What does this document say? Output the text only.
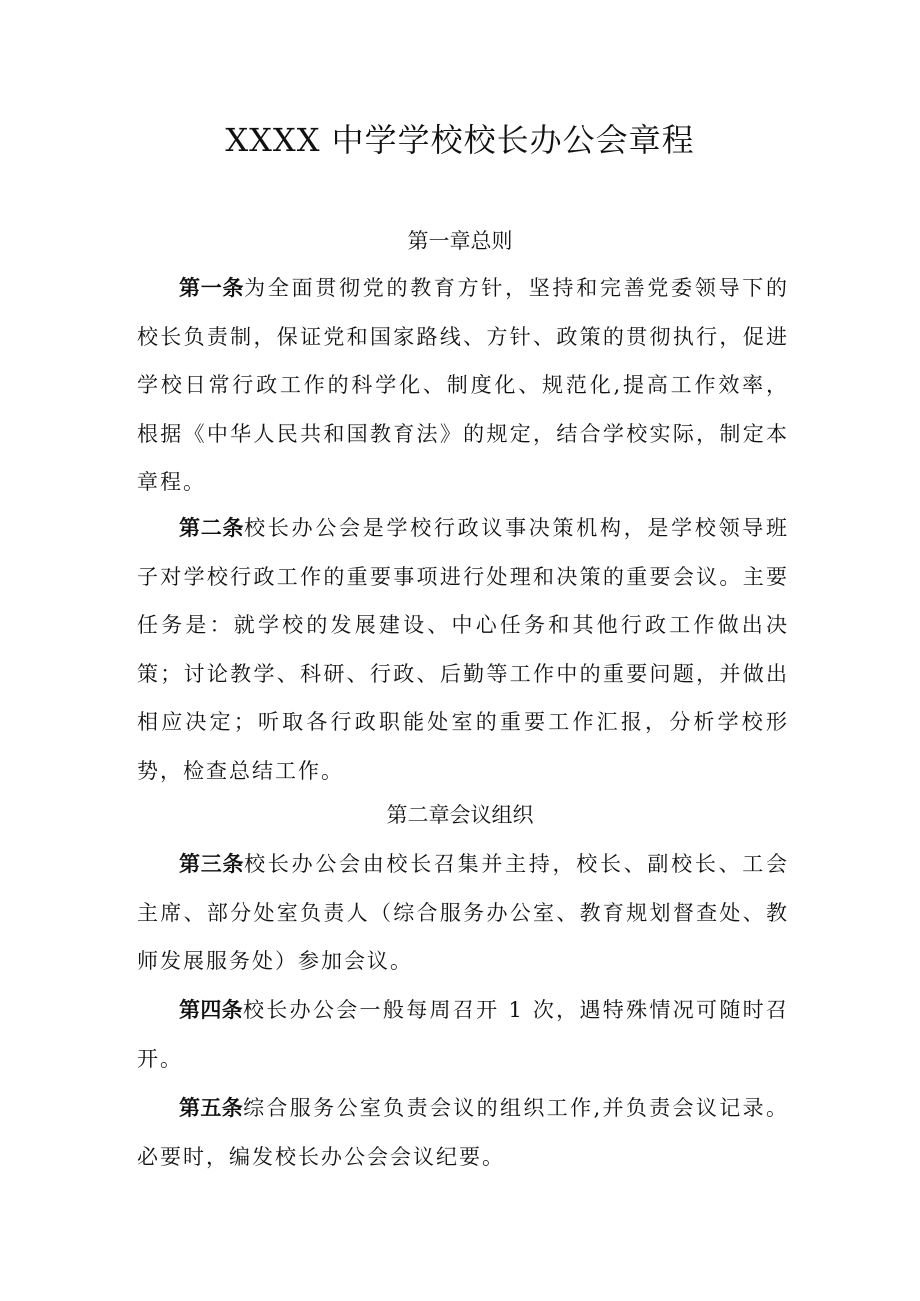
XXXX 中学学校校长办公会章程
第一章总则

第一条为全面贯彻党的教育方针，坚持和完善党委领导下的校长负责制，保证党和国家路线、方针、政策的贯彻执行，促进学校日常行政工作的科学化、制度化、规范化,提高工作效率，根据《中华人民共和国教育法》的规定，结合学校实际，制定本章程。

第二条校长办公会是学校行政议事决策机构，是学校领导班子对学校行政工作的重要事项进行处理和决策的重要会议。主要任务是：就学校的发展建设、中心任务和其他行政工作做出决策；讨论教学、科研、行政、后勤等工作中的重要问题，并做出相应决定；听取各行政职能处室的重要工作汇报，分析学校形势，检查总结工作。

第二章会议组织

第三条校长办公会由校长召集并主持，校长、副校长、工会主席、部分处室负责人（综合服务办公室、教育规划督查处、教师发展服务处）参加会议。

第四条校长办公会一般每周召开 1 次，遇特殊情况可随时召开。

第五条综合服务公室负责会议的组织工作,并负责会议记录。必要时，编发校长办公会会议纪要。
